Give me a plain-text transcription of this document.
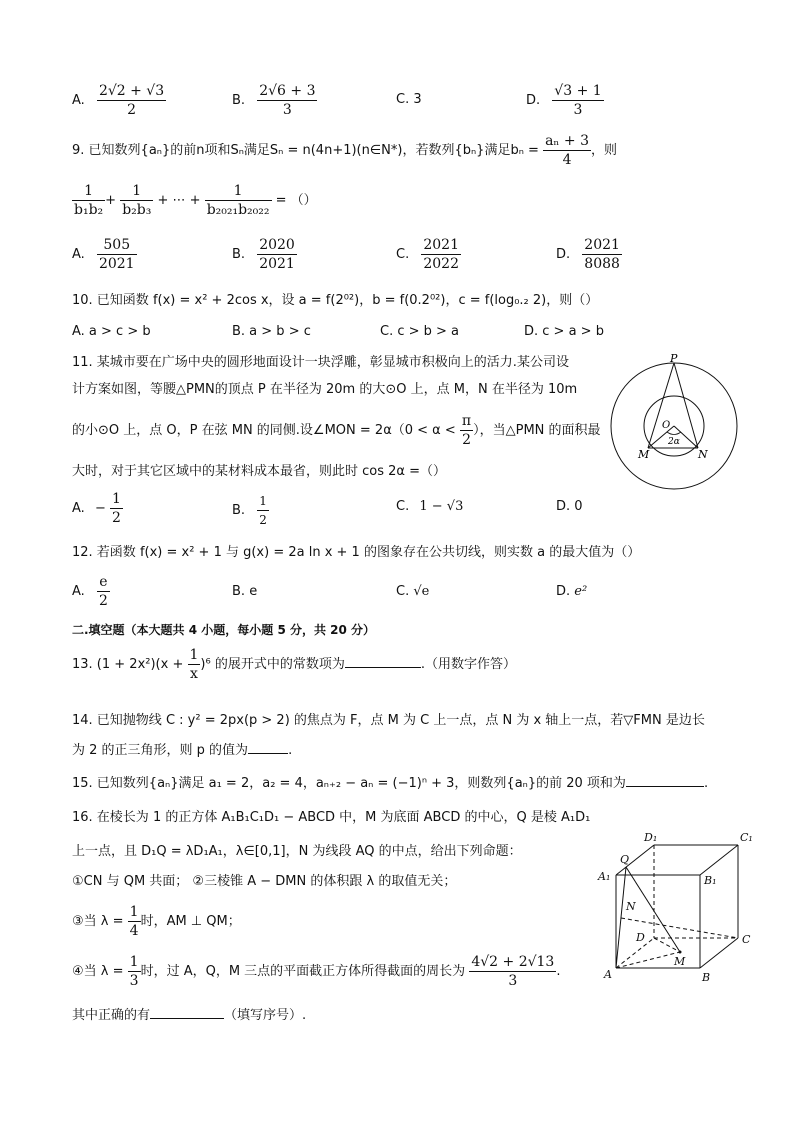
A. $\frac{2√2 + √3}{2}$	B. $\frac{2√6 + 3}{3}$	C. 3	D. $\frac{√3 + 1}{3}$
9. 已知数列{aₙ}的前n项和Sₙ满足Sₙ = n(4n+1)(n∈N*)，若数列{bₙ}满足$b_n = \frac{\text{aₙ + 3}}{4}$ ，则
$\frac{1}{\text{b₁b₂}} + \frac{1}{\text{b₂b₃}}$ + ⋯ + $\frac{1}{\text{b₂₀₂₁b₂₀₂₂}}$ = （）
A. $\frac{505}{2021}$	B. $\frac{2020}{2021}$	C. $\frac{2021}{2022}$	D. $\frac{2021}{8088}$
10. 已知函数 f(x) = x² + 2cos x，设 a = f(2⁰²)，b = f(0.2⁰²)，c = f(log₀.₂ 2)，则（）
A. a > c > b	B. a > b > c	C. c > b > a	D. c > a > b
11. 某城市要在广场中央的圆形地面设计一块浮雕，彰显城市积极向上的活力.某公司设
计方案如图，等腰△PMN的顶点 P 在半径为 20m 的大⊙O 上，点 M，N 在半径为 10m
的小⊙O 上，点 O，P 在弦 MN 的同侧.设∠MON = $2\alpha(0 < \alpha < \frac{\pi}{2}$ ），当△PMN 的面积最
大时，对于其它区域中的某材料成本最省，则此时 cos 2α =（）
A. − $\frac{1}{2}$	B. $\frac{1}{2}$	C. 1 − √3	D. 0
P
O
2α
M	N
12. 若函数 f(x) = x² + 1 与 g(x) = 2a ln x + 1 的图象存在公共切线，则实数 a 的最大值为（）
A. $\frac{e}{2}$	B. e	C. √e	D. e²
二.填空题（本大题共 4 小题，每小题 5 分，共 20 分）
13. $(1 + 2x^2)(x + \frac{1}{x} )^6$ 的展开式中的常数项为	.（用数字作答）
14. 已知抛物线 C : y² = 2px(p > 2) 的焦点为 F，点 M 为 C 上一点，点 N 为 x 轴上一点，若▽FMN 是边长
为 2 的正三角形，则 p 的值为	.
15. 已知数列{aₙ}满足 a₁ = 2，a₂ = 4，aₙ₊₂ − aₙ = (−1)ⁿ + 3，则数列{aₙ}的前 20 项和为	.
16. 在棱长为 1 的正方体 A₁B₁C₁D₁ − ABCD 中，M 为底面 ABCD 的中心，Q 是棱 A₁D₁
上一点，且 D₁Q = λD₁A₁，λ∈[0,1]，N 为线段 AQ 的中点，给出下列命题：
①CN 与 QM 共面； ②三棱锥 A − DMN 的体积跟 λ 的取值无关；
③当 $\lambda = \frac{1}{4}$ 时，AM ⊥ QM；
④当 $\lambda = \frac{1}{3}$ 时，过 A，Q，M 三点的平面截正方体所得截面的周长为 $\frac{4√2 + 2√13}{3}$ .
其中正确的有	（填写序号）.
D₁	C₁
A₁	B₁
Q
N
D	C
M
A	B
